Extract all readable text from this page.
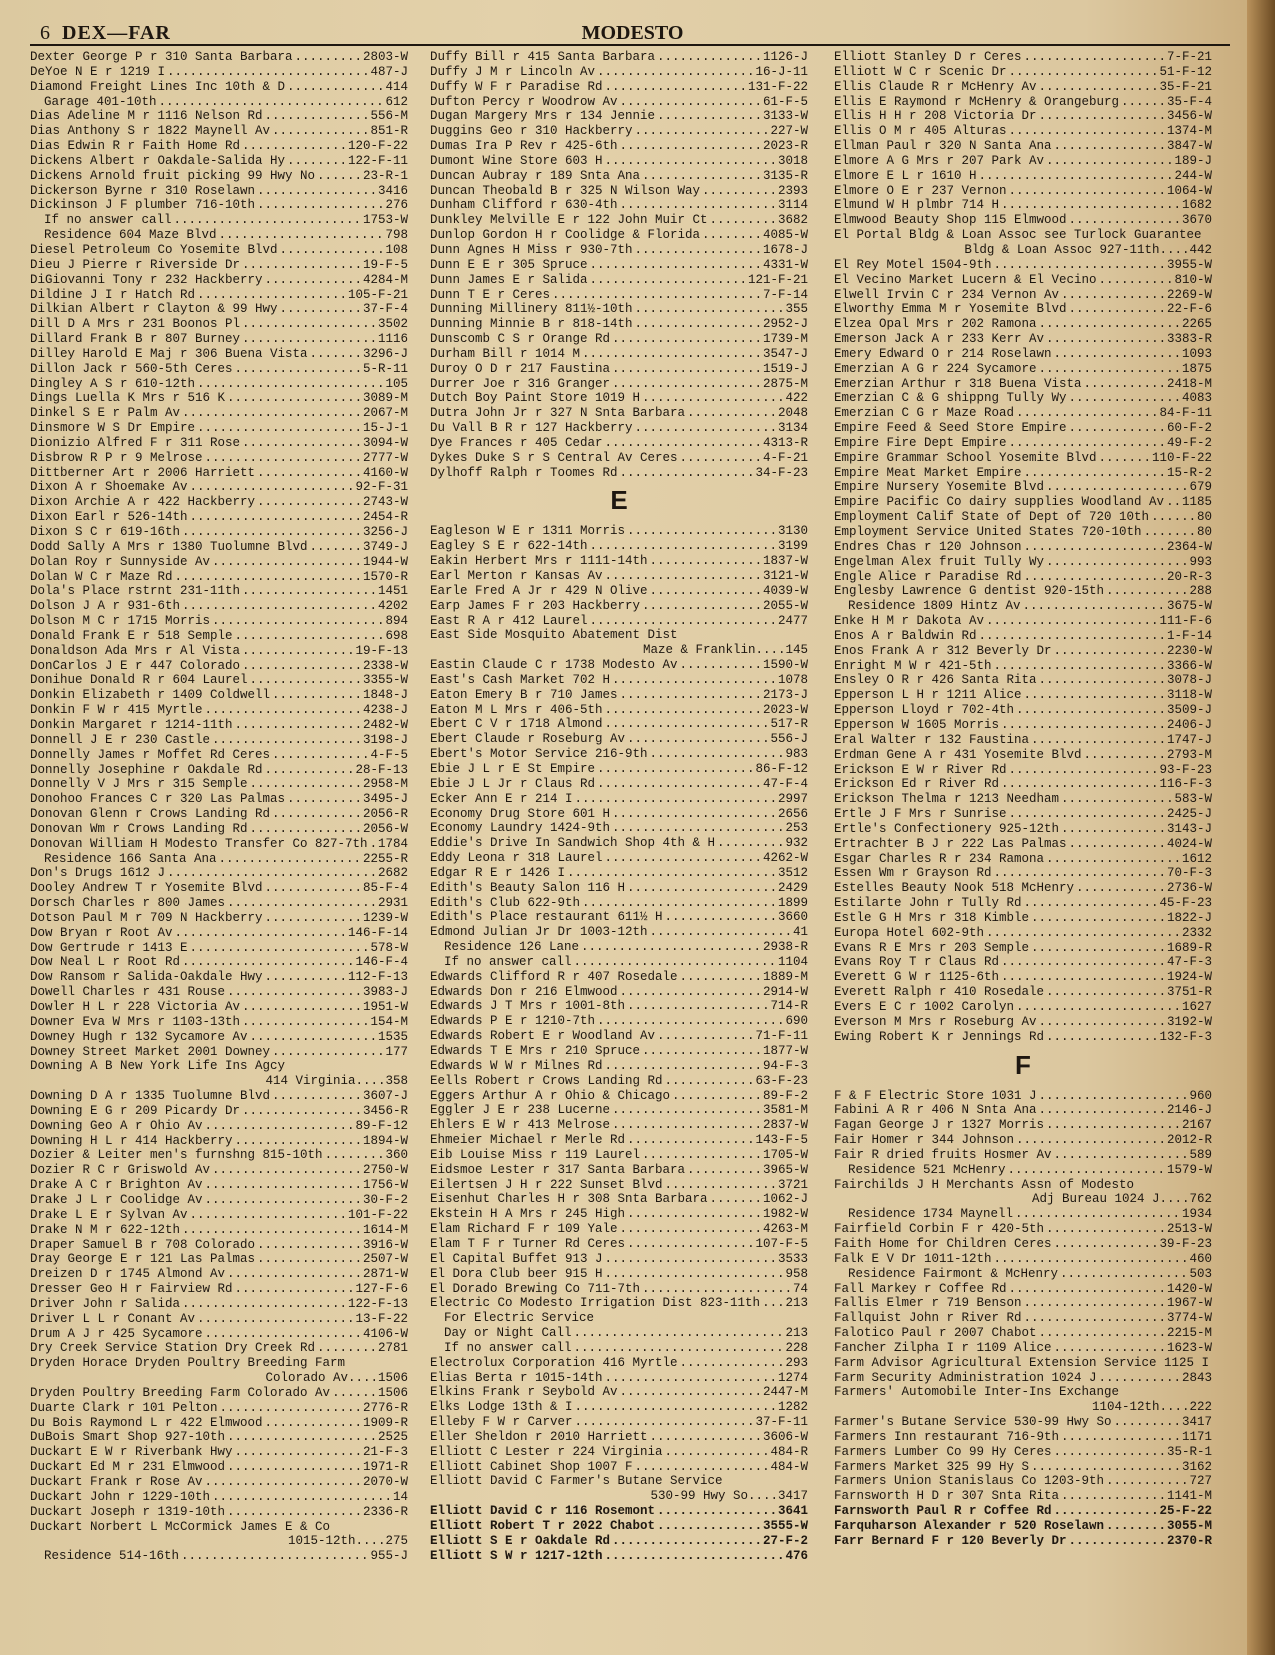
6 DEX—FAR	MODESTO
Dexter George P r 310 Santa Barbara .....	2803-W
DeYoe N E r 1219 I .....	487-J
Diamond Freight Lines Inc 10th & D .....	414
Garage 401-10th .....	612
Dias Adeline M r 1116 Nelson Rd .....	556-M
Dias Anthony S r 1822 Maynell Av .....	851-R
Dias Edwin R r Faith Home Rd .....	120-F-22
Dickens Albert r Oakdale-Salida Hy .....	122-F-11
Dickens Arnold fruit picking 99 Hwy No .....	23-R-1
Dickerson Byrne r 310 Roselawn .....	3416
Dickinson J F plumber 716-10th .....	276
If no answer call .....	1753-W
Residence 604 Maze Blvd .....	798
Diesel Petroleum Co Yosemite Blvd .....	108
Dieu J Pierre r Riverside Dr .....	19-F-5
DiGiovanni Tony r 232 Hackberry .....	4284-M
Dildine J I r Hatch Rd .....	105-F-21
Dilkian Albert r Clayton & 99 Hwy .....	37-F-4
Dill D A Mrs r 231 Boonos Pl .....	3502
Dillard Frank B r 807 Burney .....	1116
Dilley Harold E Maj r 306 Buena Vista .....	3296-J
Dillon Jack r 560-5th Ceres .....	5-R-11
Dingley A S r 610-12th .....	105
Dings Luella K Mrs r 516 K .....	3089-M
Dinkel S E r Palm Av .....	2067-M
Dinsmore W S Dr Empire .....	15-J-1
Dionizio Alfred F r 311 Rose .....	3094-W
Disbrow R P r 9 Melrose .....	2777-W
Dittberner Art r 2006 Harriett .....	4160-W
Dixon A r Shoemake Av .....	92-F-31
Dixon Archie A r 422 Hackberry .....	2743-W
Dixon Earl r 526-14th .....	2454-R
Dixon S C r 619-16th .....	3256-J
Dodd Sally A Mrs r 1380 Tuolumne Blvd .....	3749-J
Dolan Roy r Sunnyside Av .....	1944-W
Dolan W C r Maze Rd .....	1570-R
Dola's Place rstrnt 231-11th .....	1451
Dolson J A r 931-6th .....	4202
Dolson M C r 1715 Morris .....	894
Donald Frank E r 518 Semple .....	698
Donaldson Ada Mrs r Al Vista .....	19-F-13
DonCarlos J E r 447 Colorado .....	2338-W
Donihue Donald R r 604 Laurel .....	3355-W
Donkin Elizabeth r 1409 Coldwell .....	1848-J
Donkin F W r 415 Myrtle .....	4238-J
Donkin Margaret r 1214-11th .....	2482-W
Donnell J E r 230 Castle .....	3198-J
Donnelly James r Moffet Rd Ceres .....	4-F-5
Donnelly Josephine r Oakdale Rd .....	28-F-13
Donnelly V J Mrs r 315 Semple .....	2958-M
Donohoo Frances C r 320 Las Palmas .....	3495-J
Donovan Glenn r Crows Landing Rd .....	2056-R
Donovan Wm r Crows Landing Rd .....	2056-W
Donovan William H Modesto Transfer Co 827-7th ..... 1784
Residence 166 Santa Ana .....	2255-R
Don's Drugs 1612 J .....	2682
Dooley Andrew T r Yosemite Blvd .....	85-F-4
Dorsch Charles r 800 James .....	2931
Dotson Paul M r 709 N Hackberry .....	1239-W
Dow Bryan r Root Av .....	146-F-14
Dow Gertrude r 1413 E .....	578-W
Dow Neal L r Root Rd .....	146-F-4
Dow Ransom r Salida-Oakdale Hwy .....	112-F-13
Dowell Charles r 431 Rouse .....	3983-J
Dowler H L r 228 Victoria Av .....	1951-W
Downer Eva W Mrs r 1103-13th .....	154-M
Downey Hugh r 132 Sycamore Av .....	1535
Downey Street Market 2001 Downey .....	177
Downing A B New York Life Ins Agcy
414 Virginia....358
Downing D A r 1335 Tuolumne Blvd .....	3607-J
Downing E G r 209 Picardy Dr .....	3456-R
Downing Geo A r Ohio Av .....	89-F-12
Downing H L r 414 Hackberry .....	1894-W
Dozier & Leiter men's furnshng 815-10th .....	360
Dozier R C r Griswold Av .....	2750-W
Drake A C r Brighton Av .....	1756-W
Drake J L r Coolidge Av .....	30-F-2
Drake L E r Sylvan Av .....	101-F-22
Drake N M r 622-12th .....	1614-M
Draper Samuel B r 708 Colorado .....	3916-W
Dray George E r 121 Las Palmas .....	2507-W
Dreizen D r 1745 Almond Av .....	2871-W
Dresser Geo H r Fairview Rd .....	127-F-6
Driver John r Salida .....	122-F-13
Driver L L r Conant Av .....	13-F-22
Drum A J r 425 Sycamore .....	4106-W
Dry Creek Service Station Dry Creek Rd .....	2781
Dryden Horace Dryden Poultry Breeding Farm
Colorado Av....1506
Dryden Poultry Breeding Farm Colorado Av .....	1506
Duarte Clark r 101 Pelton .....	2776-R
Du Bois Raymond L r 422 Elmwood .....	1909-R
DuBois Smart Shop 927-10th .....	2525
Duckart E W r Riverbank Hwy .....	21-F-3
Duckart Ed M r 231 Elmwood .....	1971-R
Duckart Frank r Rose Av .....	2070-W
Duckart John r 1229-10th .....	14
Duckart Joseph r 1319-10th .....	2336-R
Duckart Norbert L McCormick James E & Co
1015-12th....275
Residence 514-16th .....	955-J
Duffy Bill r 415 Santa Barbara .....	1126-J
Duffy J M r Lincoln Av .....	16-J-11
Duffy W F r Paradise Rd .....	131-F-22
Dufton Percy r Woodrow Av .....	61-F-5
Dugan Margery Mrs r 134 Jennie .....	3133-W
Duggins Geo r 310 Hackberry .....	227-W
Dumas Ira P Rev r 425-6th .....	2023-R
Dumont Wine Store 603 H .....	3018
Duncan Aubray r 189 Snta Ana .....	3135-R
Duncan Theobald B r 325 N Wilson Way .....	2393
Dunham Clifford r 630-4th .....	3114
Dunkley Melville E r 122 John Muir Ct .....	3682
Dunlop Gordon H r Coolidge & Florida .....	4085-W
Dunn Agnes H Miss r 930-7th .....	1678-J
Dunn E E r 305 Spruce .....	4331-W
Dunn James E r Salida .....	121-F-21
Dunn T E r Ceres .....	7-F-14
Dunning Millinery 811½-10th .....	355
Dunning Minnie B r 818-14th .....	2952-J
Dunscomb C S r Orange Rd .....	1739-M
Durham Bill r 1014 M .....	3547-J
Duroy O D r 217 Faustina .....	1519-J
Durrer Joe r 316 Granger .....	2875-M
Dutch Boy Paint Store 1019 H .....	422
Dutra John Jr r 327 N Snta Barbara .....	2048
Du Vall B R r 127 Hackberry .....	3134
Dye Frances r 405 Cedar .....	4313-R
Dykes Duke S r S Central Av Ceres .....	4-F-21
Dylhoff Ralph r Toomes Rd .....	34-F-23
E
Eagleson W E r 1311 Morris .....	3130
Eagley S E r 622-14th .....	3199
Eakin Herbert Mrs r 1111-14th .....	1837-W
Earl Merton r Kansas Av .....	3121-W
Earle Fred A Jr r 429 N Olive .....	4039-W
Earp James F r 203 Hackberry .....	2055-W
East R A r 412 Laurel .....	2477
East Side Mosquito Abatement Dist
Maze & Franklin....145
Eastin Claude C r 1738 Modesto Av .....	1590-W
East's Cash Market 702 H .....	1078
Eaton Emery B r 710 James .....	2173-J
Eaton M L Mrs r 406-5th .....	2023-W
Ebert C V r 1718 Almond .....	517-R
Ebert Claude r Roseburg Av .....	556-J
Ebert's Motor Service 216-9th .....	983
Ebie J L r E St Empire .....	86-F-12
Ebie J L Jr r Claus Rd .....	47-F-4
Ecker Ann E r 214 I .....	2997
Economy Drug Store 601 H .....	2656
Economy Laundry 1424-9th .....	253
Eddie's Drive In Sandwich Shop 4th & H .....	932
Eddy Leona r 318 Laurel .....	4262-W
Edgar R E r 1426 I .....	3512
Edith's Beauty Salon 116 H .....	2429
Edith's Club 622-9th .....	1899
Edith's Place restaurant 611½ H .....	3660
Edmond Julian Jr Dr 1003-12th .....	41
Residence 126 Lane .....	2938-R
If no answer call .....	1104
Edwards Clifford R r 407 Rosedale .....	1889-M
Edwards Don r 216 Elmwood .....	2914-W
Edwards J T Mrs r 1001-8th .....	714-R
Edwards P E r 1210-7th .....	690
Edwards Robert E r Woodland Av .....	71-F-11
Edwards T E Mrs r 210 Spruce .....	1877-W
Edwards W W r Milnes Rd .....	94-F-3
Eells Robert r Crows Landing Rd .....	63-F-23
Eggers Arthur A r Ohio & Chicago .....	89-F-2
Eggler J E r 238 Lucerne .....	3581-M
Ehlers E W r 413 Melrose .....	2837-W
Ehmeier Michael r Merle Rd .....	143-F-5
Eib Louise Miss r 119 Laurel .....	1705-W
Eidsmoe Lester r 317 Santa Barbara .....	3965-W
Eilertsen J H r 222 Sunset Blvd .....	3721
Eisenhut Charles H r 308 Snta Barbara .....	1062-J
Ekstein H A Mrs r 245 High .....	1982-W
Elam Richard F r 109 Yale .....	4263-M
Elam T F r Turner Rd Ceres .....	107-F-5
El Capital Buffet 913 J .....	3533
El Dora Club beer 915 H .....	958
El Dorado Brewing Co 711-7th .....	74
Electric Co Modesto Irrigation Dist 823-11th ..... 213
For Electric Service
Day or Night Call .....	213
If no answer call .....	228
Electrolux Corporation 416 Myrtle .....	293
Elias Berta r 1015-14th .....	1274
Elkins Frank r Seybold Av .....	2447-M
Elks Lodge 13th & I .....	1282
Elleby F W r Carver .....	37-F-11
Eller Sheldon r 2010 Harriett .....	3606-W
Elliott C Lester r 224 Virginia .....	484-R
Elliott Cabinet Shop 1007 F .....	484-W
Elliott David C Farmer's Butane Service
530-99 Hwy So....3417
Elliott David C r 116 Rosemont .....	3641
Elliott Robert T r 2022 Chabot .....	3555-W
Elliott S E r Oakdale Rd .....	27-F-2
Elliott S W r 1217-12th .....	476
Elliott Stanley D r Ceres .....	7-F-21
Elliott W C r Scenic Dr .....	51-F-12
Ellis Claude R r McHenry Av .....	35-F-21
Ellis E Raymond r McHenry & Orangeburg .....	35-F-4
Ellis H H r 208 Victoria Dr .....	3456-W
Ellis O M r 405 Alturas .....	1374-M
Ellman Paul r 320 N Santa Ana .....	3847-W
Elmore A G Mrs r 207 Park Av .....	189-J
Elmore E L r 1610 H .....	244-W
Elmore O E r 237 Vernon .....	1064-W
Elmund W H plmbr 714 H .....	1682
Elmwood Beauty Shop 115 Elmwood .....	3670
El Portal Bldg & Loan Assoc see Turlock Guarantee
Bldg & Loan Assoc 927-11th....442
El Rey Motel 1504-9th .....	3955-W
El Vecino Market Lucern & El Vecino .....	810-W
Elwell Irvin C r 234 Vernon Av .....	2269-W
Elworthy Emma M r Yosemite Blvd .....	22-F-6
Elzea Opal Mrs r 202 Ramona .....	2265
Emerson Jack A r 233 Kerr Av .....	3383-R
Emery Edward O r 214 Roselawn .....	1093
Emerzian A G r 224 Sycamore .....	1875
Emerzian Arthur r 318 Buena Vista .....	2418-M
Emerzian C & G shippng Tully Wy .....	4083
Emerzian C G r Maze Road .....	84-F-11
Empire Feed & Seed Store Empire .....	60-F-2
Empire Fire Dept Empire .....	49-F-2
Empire Grammar School Yosemite Blvd .....	110-F-22
Empire Meat Market Empire .....	15-R-2
Empire Nursery Yosemite Blvd .....	679
Empire Pacific Co dairy supplies Woodland Av ..... 1185
Employment Calif State of Dept of 720 10th .....	80
Employment Service United States 720-10th .....	80
Endres Chas r 120 Johnson .....	2364-W
Engelman Alex fruit Tully Wy .....	993
Engle Alice r Paradise Rd .....	20-R-3
Englesby Lawrence G dentist 920-15th .....	288
Residence 1809 Hintz Av .....	3675-W
Enke H M r Dakota Av .....	111-F-6
Enos A r Baldwin Rd .....	1-F-14
Enos Frank A r 312 Beverly Dr .....	2230-W
Enright M W r 421-5th .....	3366-W
Ensley O R r 426 Santa Rita .....	3078-J
Epperson L H r 1211 Alice .....	3118-W
Epperson Lloyd r 702-4th .....	3509-J
Epperson W 1605 Morris .....	2406-J
Eral Walter r 132 Faustina .....	1747-J
Erdman Gene A r 431 Yosemite Blvd .....	2793-M
Erickson E W r River Rd .....	93-F-23
Erickson Ed r River Rd .....	116-F-3
Erickson Thelma r 1213 Needham .....	583-W
Ertle J F Mrs r Sunrise .....	2425-J
Ertle's Confectionery 925-12th .....	3143-J
Ertrachter B J r 222 Las Palmas .....	4024-W
Esgar Charles R r 234 Ramona .....	1612
Essen Wm r Grayson Rd .....	70-F-3
Estelles Beauty Nook 518 McHenry .....	2736-W
Estilarte John r Tully Rd .....	45-F-23
Estle G H Mrs r 318 Kimble .....	1822-J
Europa Hotel 602-9th .....	2332
Evans R E Mrs r 203 Semple .....	1689-R
Evans Roy T r Claus Rd .....	47-F-3
Everett G W r 1125-6th .....	1924-W
Everett Ralph r 410 Rosedale .....	3751-R
Evers E C r 1002 Carolyn .....	1627
Everson M Mrs r Roseburg Av .....	3192-W
Ewing Robert K r Jennings Rd .....	132-F-3
F
F & F Electric Store 1031 J .....	960
Fabini A R r 406 N Snta Ana .....	2146-J
Fagan George J r 1327 Morris .....	2167
Fair Homer r 344 Johnson .....	2012-R
Fair R dried fruits Hosmer Av .....	589
Residence 521 McHenry .....	1579-W
Fairchilds J H Merchants Assn of Modesto
Adj Bureau 1024 J....762
Residence 1734 Maynell .....	1934
Fairfield Corbin F r 420-5th .....	2513-W
Faith Home for Children Ceres .....	39-F-23
Falk E V Dr 1011-12th .....	460
Residence Fairmont & McHenry .....	503
Fall Markey r Coffee Rd .....	1420-W
Fallis Elmer r 719 Benson .....	1967-W
Fallquist John r River Rd .....	3774-W
Falotico Paul r 2007 Chabot .....	2215-M
Fancher Zilpha I r 1109 Alice .....	1623-W
Farm Advisor Agricultural Extension Service 1125 I
Farm Security Administration 1024 J .....	2843
Farmers' Automobile Inter-Ins Exchange
1104-12th....222
Farmer's Butane Service 530-99 Hwy So .....	3417
Farmers Inn restaurant 716-9th .....	1171
Farmers Lumber Co 99 Hy Ceres .....	35-R-1
Farmers Market 325 99 Hy S .....	3162
Farmers Union Stanislaus Co 1203-9th .....	727
Farnsworth H D r 307 Snta Rita .....	1141-M
Farnsworth Paul R r Coffee Rd .....	25-F-22
Farquharson Alexander r 520 Roselawn .....	3055-M
Farr Bernard F r 120 Beverly Dr .....	2370-R
